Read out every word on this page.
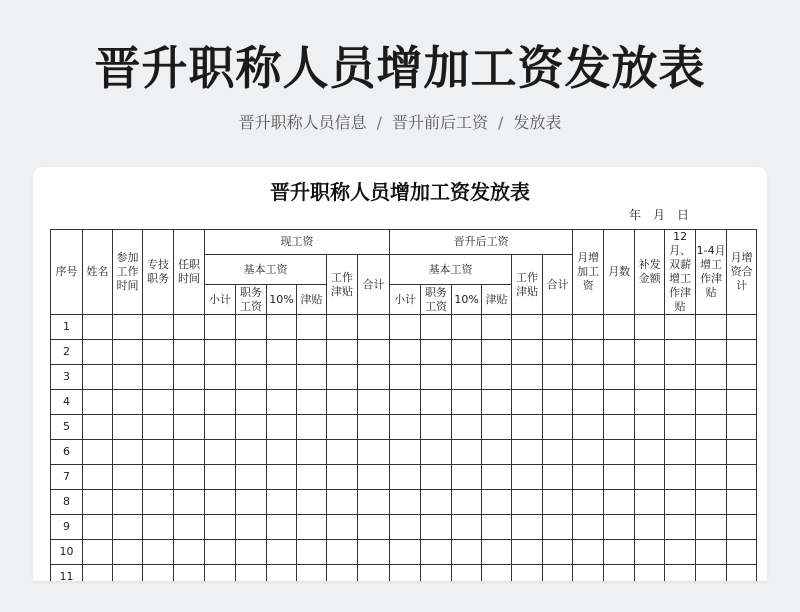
晋升职称人员增加工资发放表
晋升职称人员信息 / 晋升前后工资 / 发放表
晋升职称人员增加工资发放表
年 月 日
序号	姓名	参加工作时间	专技职务	任职时间	现工资						晋升后工资						月增加工资	月数	补发金额	12月、双薪增工作津贴	1-4月增工作津贴	月增资合计
					基本工资				工作津贴	合计	基本工资				工作津贴	合计						
					小计	职务工资	10%	津贴			小计	职务工资	10%	津贴								
1																						
2																						
3																						
4																						
5																						
6																						
7																						
8																						
9																						
10																						
11																						
